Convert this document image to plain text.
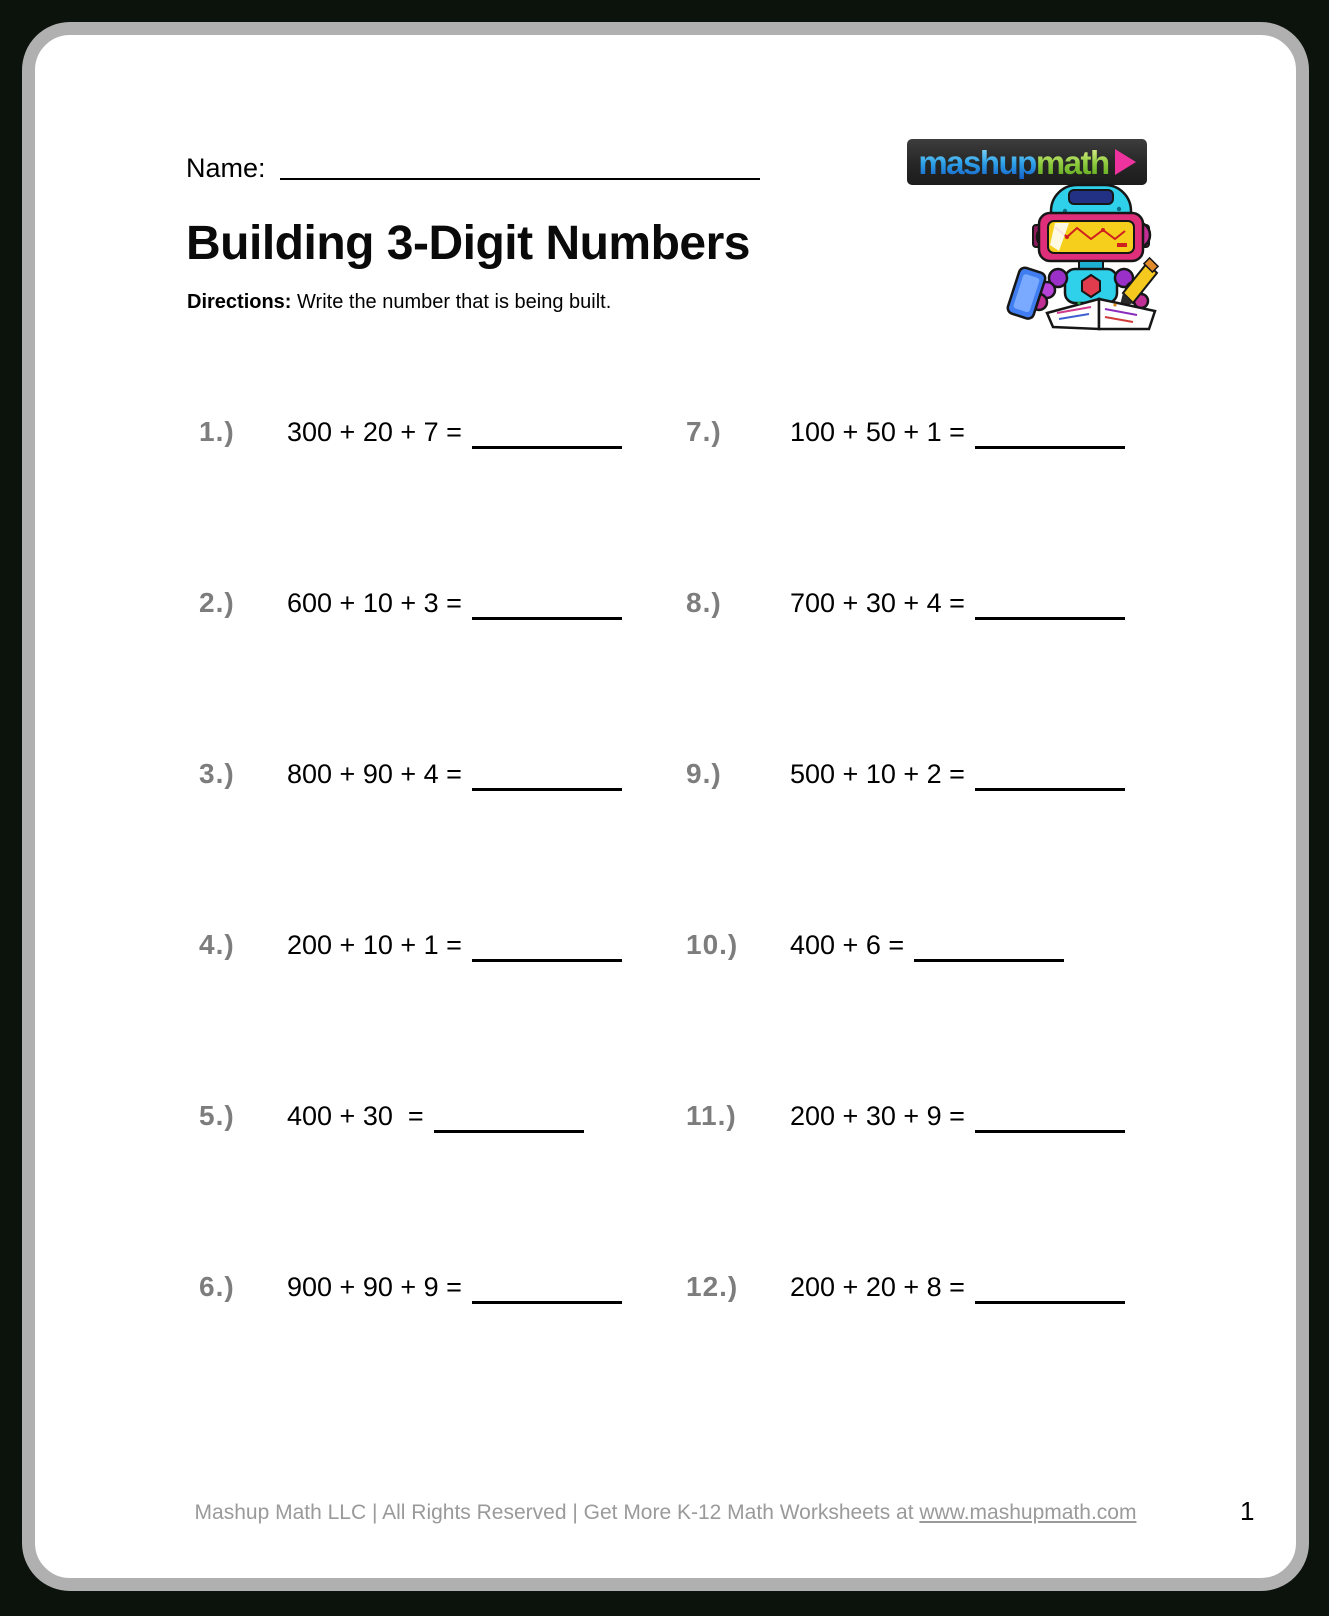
Name:	mashup math
Building 3-Digit Numbers
Directions: Write the number that is being built.
1.) 300 + 20 + 7 =
2.) 600 + 10 + 3 =
3.) 800 + 90 + 4 =
4.) 200 + 10 + 1 =
5.) 400 + 30  =
6.) 900 + 90 + 9 =
7.)	100 + 50 + 1 =
8.)	700 + 30 + 4 =
9.)	500 + 10 + 2 =
10.) 400 + 6 =
11.) 200 + 30 + 9 =
12.) 200 + 20 + 8 =
Mashup Math LLC | All Rights Reserved | Get More K-12 Math Worksheets at www.mashupmath.com	1
